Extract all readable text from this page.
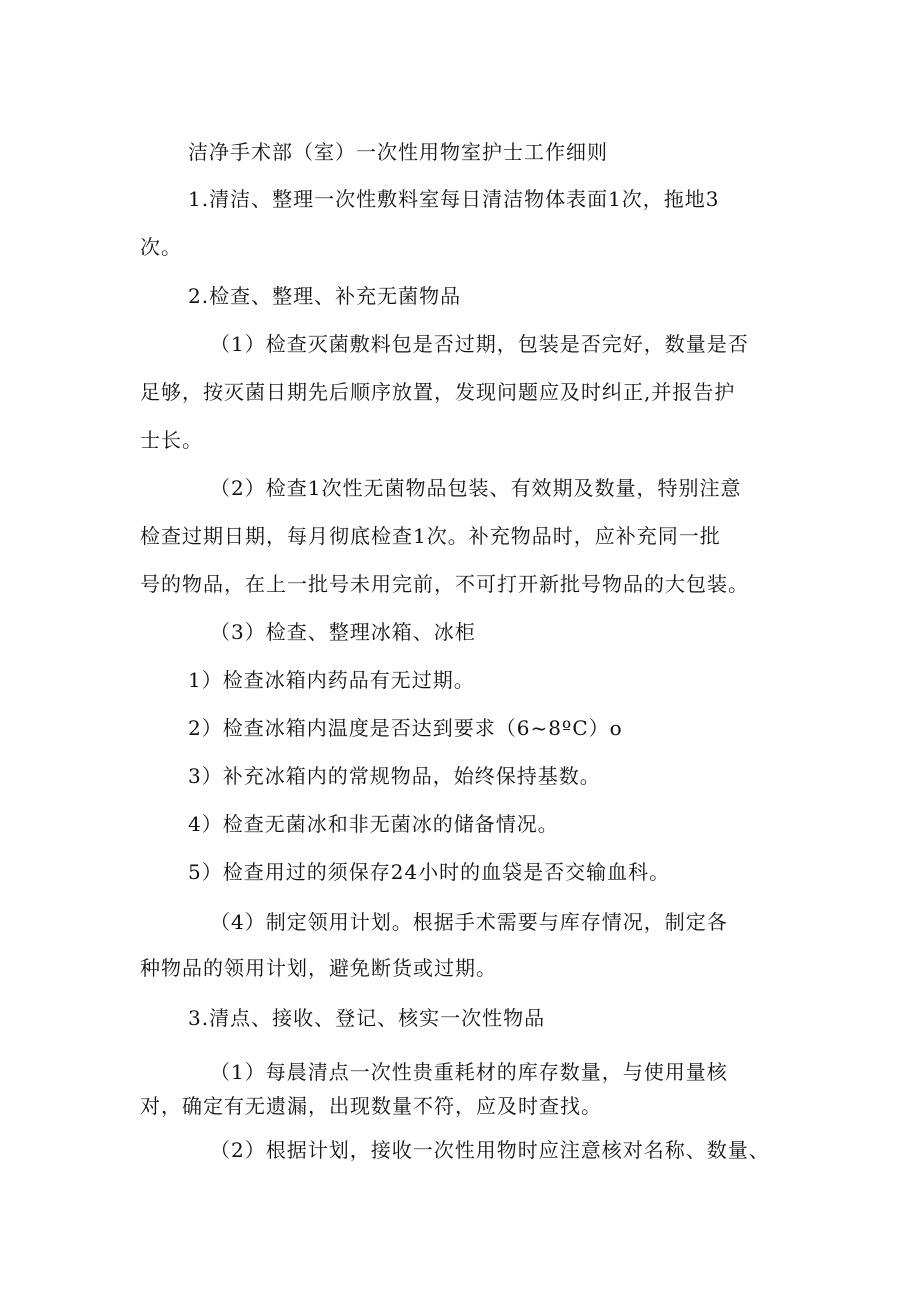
洁净手术部（室）一次性用物室护士工作细则
1.清洁、整理一次性敷料室每日清洁物体表面1次，拖地3
次。
2.检查、整理、补充无菌物品
（1）检查灭菌敷料包是否过期，包装是否完好，数量是否
足够，按灭菌日期先后顺序放置，发现问题应及时纠正,并报告护
士长。
（2）检查1次性无菌物品包装、有效期及数量，特别注意
检查过期日期，每月彻底检查1次。补充物品时，应补充同一批
号的物品，在上一批号未用完前，不可打开新批号物品的大包装。
（3）检查、整理冰箱、冰柜
1）检查冰箱内药品有无过期。
2）检查冰箱内温度是否达到要求（6~8ºC）o
3）补充冰箱内的常规物品，始终保持基数。
4）检查无菌冰和非无菌冰的储备情况。
5）检查用过的须保存24小时的血袋是否交输血科。
（4）制定领用计划。根据手术需要与库存情况，制定各
种物品的领用计划，避免断货或过期。
3.清点、接收、登记、核实一次性物品
（1）每晨清点一次性贵重耗材的库存数量，与使用量核
对，确定有无遗漏，出现数量不符，应及时查找。
（2）根据计划，接收一次性用物时应注意核对名称、数量、
